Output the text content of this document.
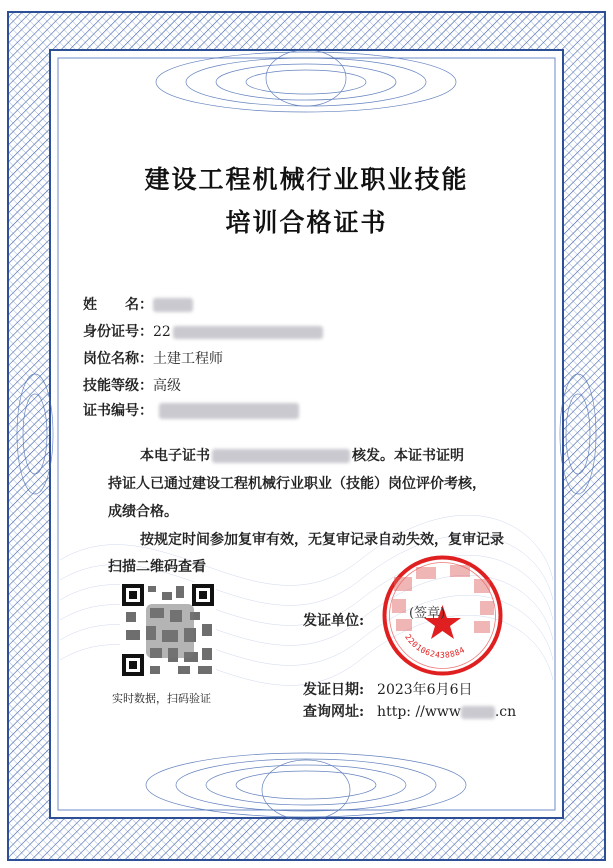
建设工程机械行业职业技能
培训合格证书
姓　　名：
身份证号：22
岗位名称：土建工程师
技能等级：高级
证书编号：
本电子证书	核发。本证书证明
持证人已通过建设工程机械行业职业（技能）岗位评价考核，
成绩合格。
按规定时间参加复审有效，无复审记录自动失效，复审记录
扫描二维码查看
实时数据，扫码验证
发证单位:
2201062438884
(签章)
发证日期: 2023年6月6日
查询网址: http: //www .cn
